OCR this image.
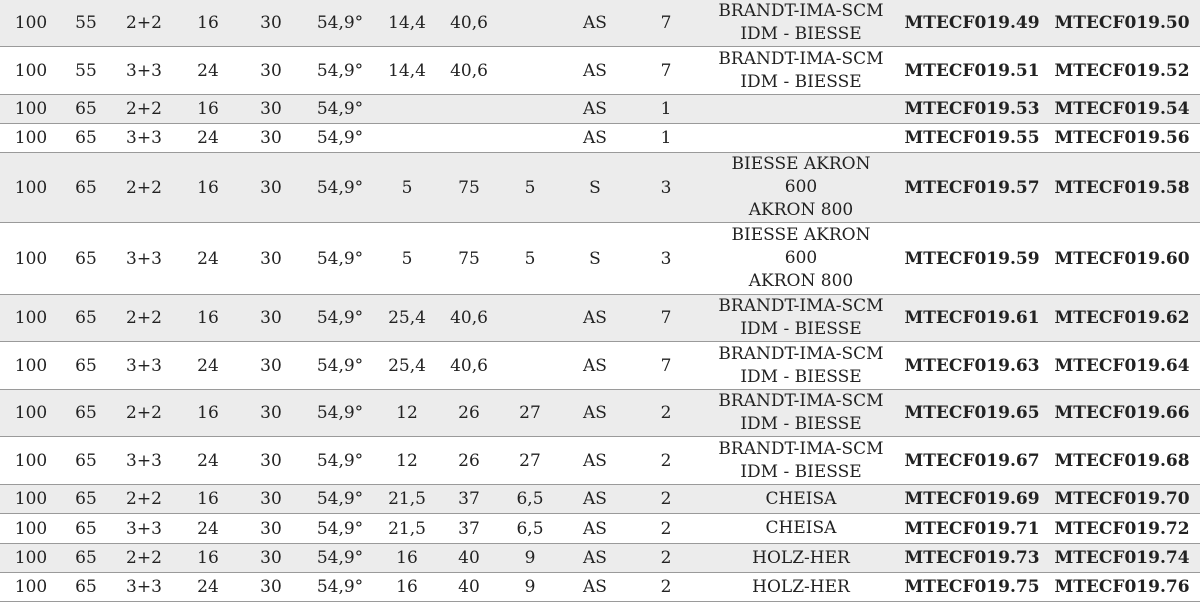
100	55	2+2	16	30	54,9°	14,4	40,6		AS	7	BRANDT-IMA-SCM
IDM - BIESSE	MTECF019.49	MTECF019.50
100	55	3+3	24	30	54,9°	14,4	40,6		AS	7	BRANDT-IMA-SCM
IDM - BIESSE	MTECF019.51	MTECF019.52
100	65	2+2	16	30	54,9°				AS	1		MTECF019.53	MTECF019.54
100	65	3+3	24	30	54,9°				AS	1		MTECF019.55	MTECF019.56
100	65	2+2	16	30	54,9°	5	75	5	S	3	BIESSE AKRON
600
AKRON 800	MTECF019.57	MTECF019.58
100	65	3+3	24	30	54,9°	5	75	5	S	3	BIESSE AKRON
600
AKRON 800	MTECF019.59	MTECF019.60
100	65	2+2	16	30	54,9°	25,4	40,6		AS	7	BRANDT-IMA-SCM
IDM - BIESSE	MTECF019.61	MTECF019.62
100	65	3+3	24	30	54,9°	25,4	40,6		AS	7	BRANDT-IMA-SCM
IDM - BIESSE	MTECF019.63	MTECF019.64
100	65	2+2	16	30	54,9°	12	26	27	AS	2	BRANDT-IMA-SCM
IDM - BIESSE	MTECF019.65	MTECF019.66
100	65	3+3	24	30	54,9°	12	26	27	AS	2	BRANDT-IMA-SCM
IDM - BIESSE	MTECF019.67	MTECF019.68
100	65	2+2	16	30	54,9°	21,5	37	6,5	AS	2	CHEISA	MTECF019.69	MTECF019.70
100	65	3+3	24	30	54,9°	21,5	37	6,5	AS	2	CHEISA	MTECF019.71	MTECF019.72
100	65	2+2	16	30	54,9°	16	40	9	AS	2	HOLZ-HER	MTECF019.73	MTECF019.74
100	65	3+3	24	30	54,9°	16	40	9	AS	2	HOLZ-HER	MTECF019.75	MTECF019.76
